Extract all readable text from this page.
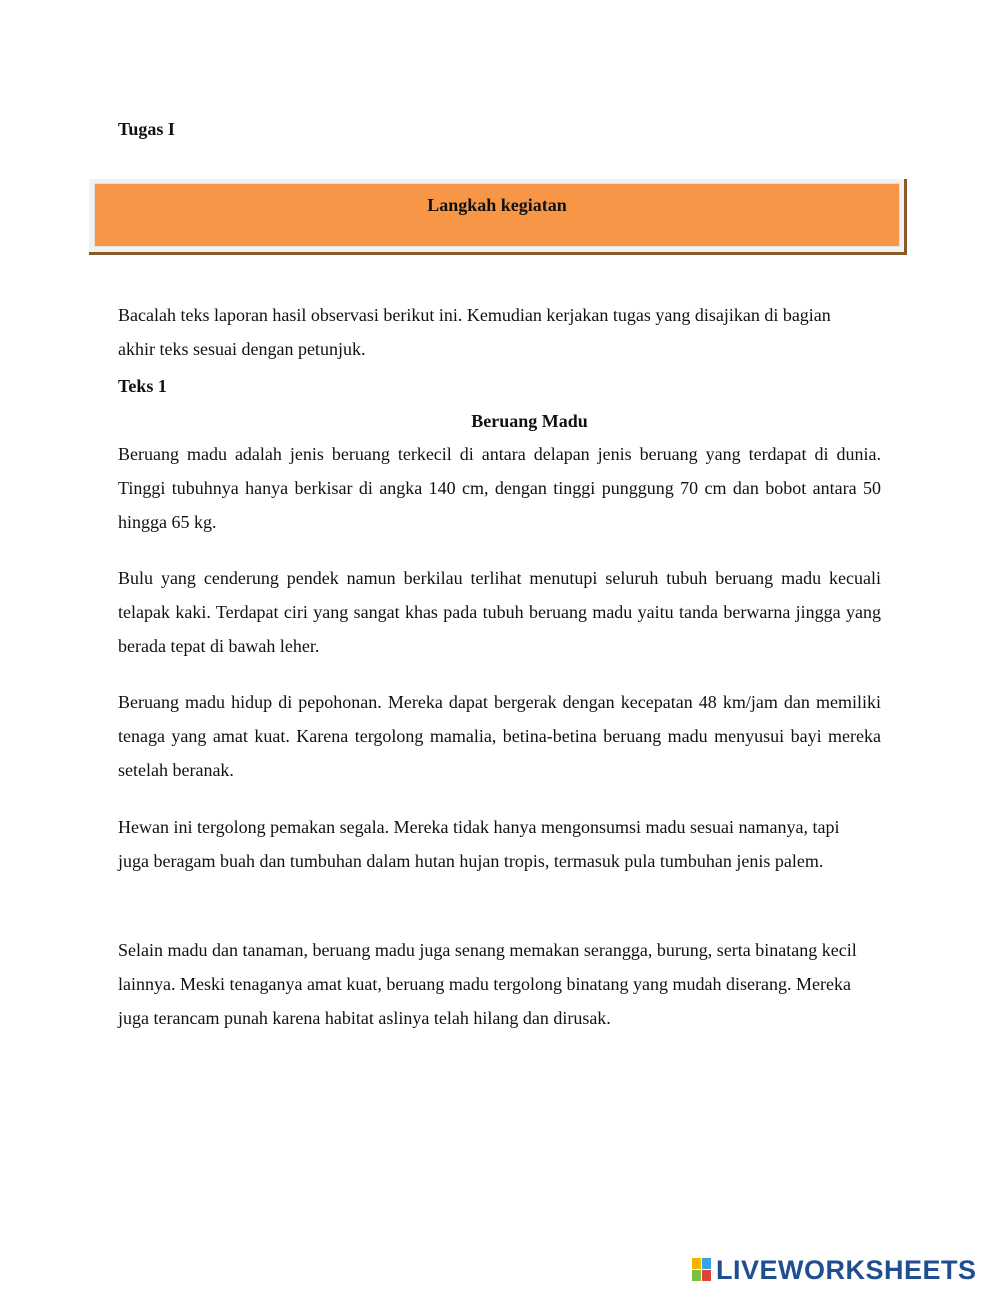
Tugas I

Langkah kegiatan

Bacalah teks laporan hasil observasi berikut ini. Kemudian kerjakan tugas yang disajikan di bagian akhir teks sesuai dengan petunjuk.

Teks 1

Beruang Madu

Beruang madu adalah jenis beruang terkecil di antara delapan jenis beruang yang terdapat di dunia. Tinggi tubuhnya hanya berkisar di angka 140 cm, dengan tinggi punggung 70 cm dan bobot antara 50 hingga 65 kg.

Bulu yang cenderung pendek namun berkilau terlihat menutupi seluruh tubuh beruang madu kecuali telapak kaki. Terdapat ciri yang sangat khas pada tubuh beruang madu yaitu tanda berwarna jingga yang berada tepat di bawah leher.

Beruang madu hidup di pepohonan. Mereka dapat bergerak dengan kecepatan 48 km/jam dan memiliki tenaga yang amat kuat. Karena tergolong mamalia, betina-betina beruang madu menyusui bayi mereka setelah beranak.

Hewan ini tergolong pemakan segala. Mereka tidak hanya mengonsumsi madu sesuai namanya, tapi juga beragam buah dan tumbuhan dalam hutan hujan tropis, termasuk pula tumbuhan jenis palem.

Selain madu dan tanaman, beruang madu juga senang memakan serangga, burung, serta binatang kecil lainnya. Meski tenaganya amat kuat, beruang madu tergolong binatang yang mudah diserang. Mereka juga terancam punah karena habitat aslinya telah hilang dan dirusak.

LIVEWORKSHEETS
